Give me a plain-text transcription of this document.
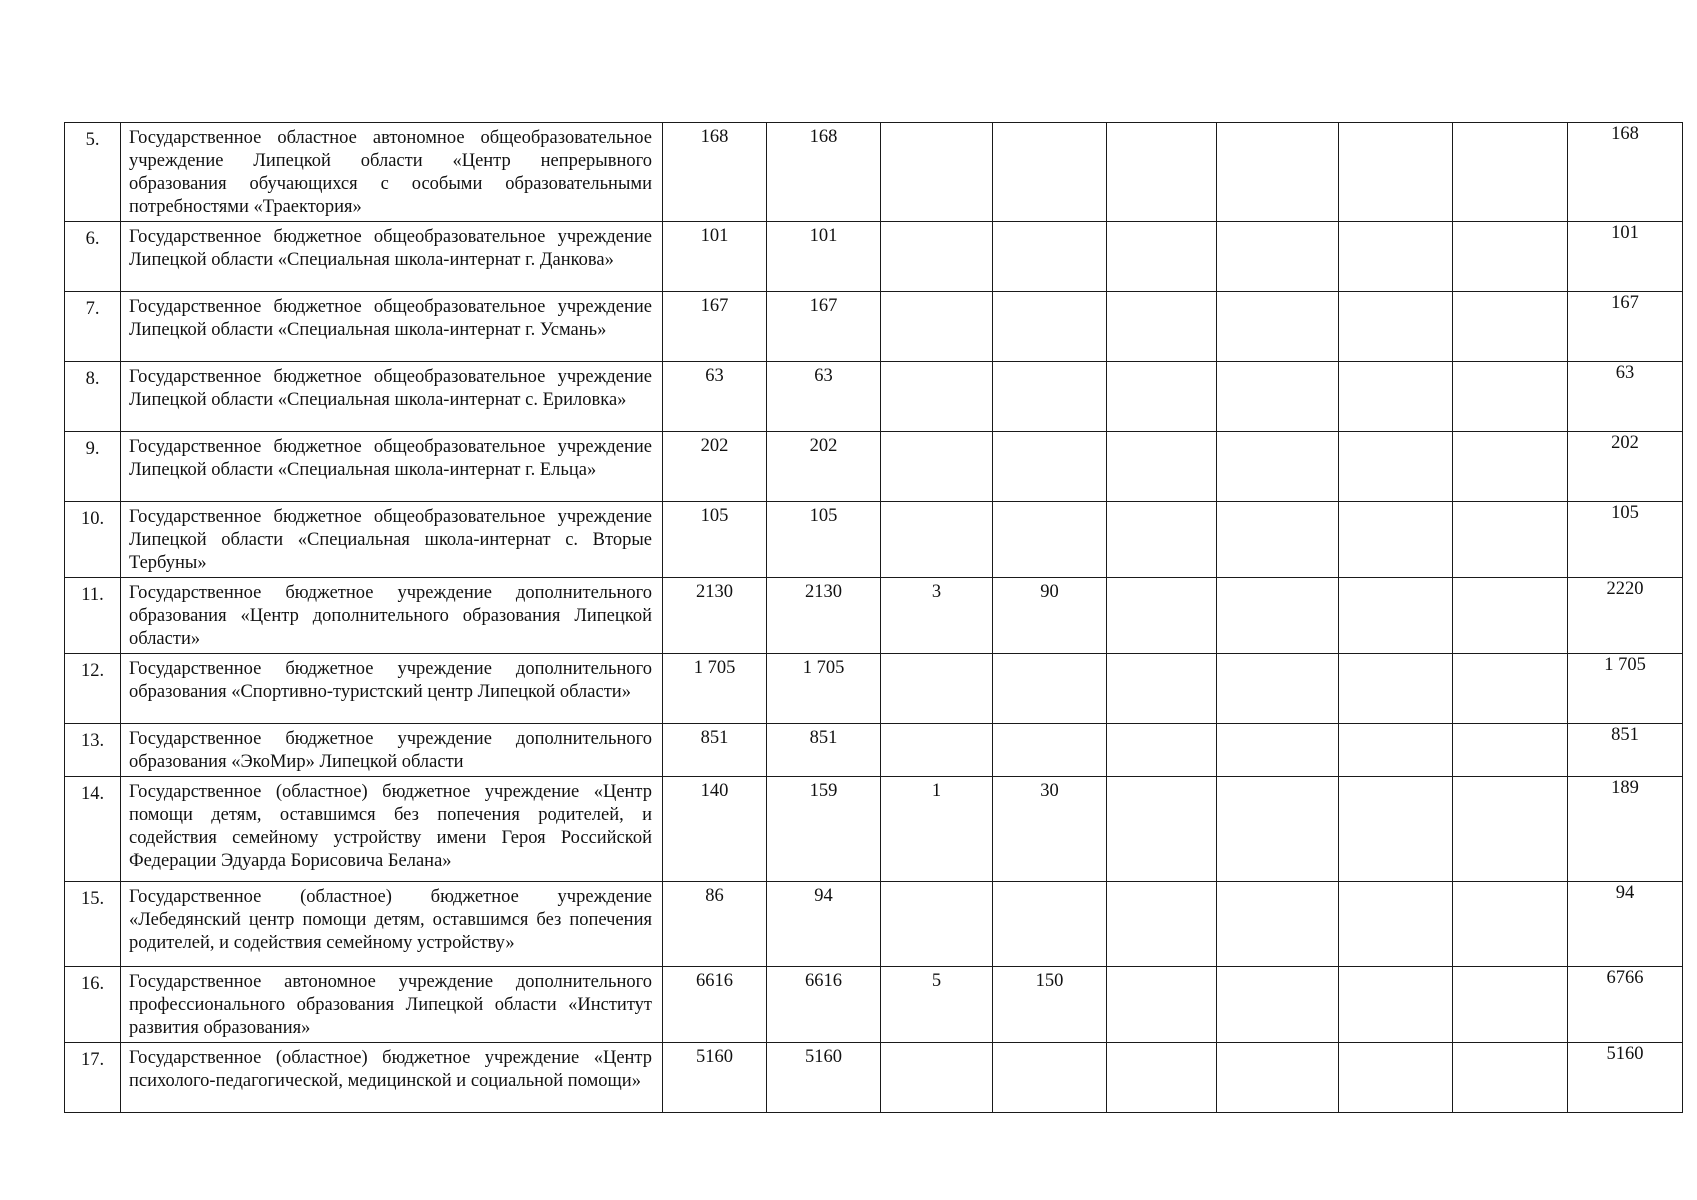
5.	Государственное областное автономное общеобразовательное учреждение Липецкой области «Центр непрерывного образования обучающихся с особыми образовательными потребностями «Траектория»	168	168							168
6.	Государственное бюджетное общеобразовательное учреждение Липецкой области «Специальная школа-интернат г. Данкова»	101	101							101
7.	Государственное бюджетное общеобразовательное учреждение Липецкой области «Специальная школа-интернат г. Усмань»	167	167							167
8.	Государственное бюджетное общеобразовательное учреждение Липецкой области «Специальная школа-интернат с. Ериловка»	63	63							63
9.	Государственное бюджетное общеобразовательное учреждение Липецкой области «Специальная школа-интернат г. Ельца»	202	202							202
10.	Государственное бюджетное общеобразовательное учреждение Липецкой области «Специальная школа-интернат с. Вторые Тербуны»	105	105							105
11.	Государственное бюджетное учреждение дополнительного образования «Центр дополнительного образования Липецкой области»	2130	2130	3	90					2220
12.	Государственное бюджетное учреждение дополнительного образования «Спортивно-туристский центр Липецкой области»	1 705	1 705							1 705
13.	Государственное бюджетное учреждение дополнительного образования «ЭкоМир» Липецкой области	851	851							851
14.	Государственное (областное) бюджетное учреждение «Центр помощи детям, оставшимся без попечения родителей, и содействия семейному устройству имени Героя Российской Федерации Эдуарда Борисовича Белана»	140	159	1	30					189
15.	Государственное (областное) бюджетное учреждение «Лебедянский центр помощи детям, оставшимся без попечения родителей, и содействия семейному устройству»	86	94							94
16.	Государственное автономное учреждение дополнительного профессионального образования Липецкой области «Институт развития образования»	6616	6616	5	150					6766
17.	Государственное (областное) бюджетное учреждение «Центр психолого-педагогической, медицинской и социальной помощи»	5160	5160							5160
